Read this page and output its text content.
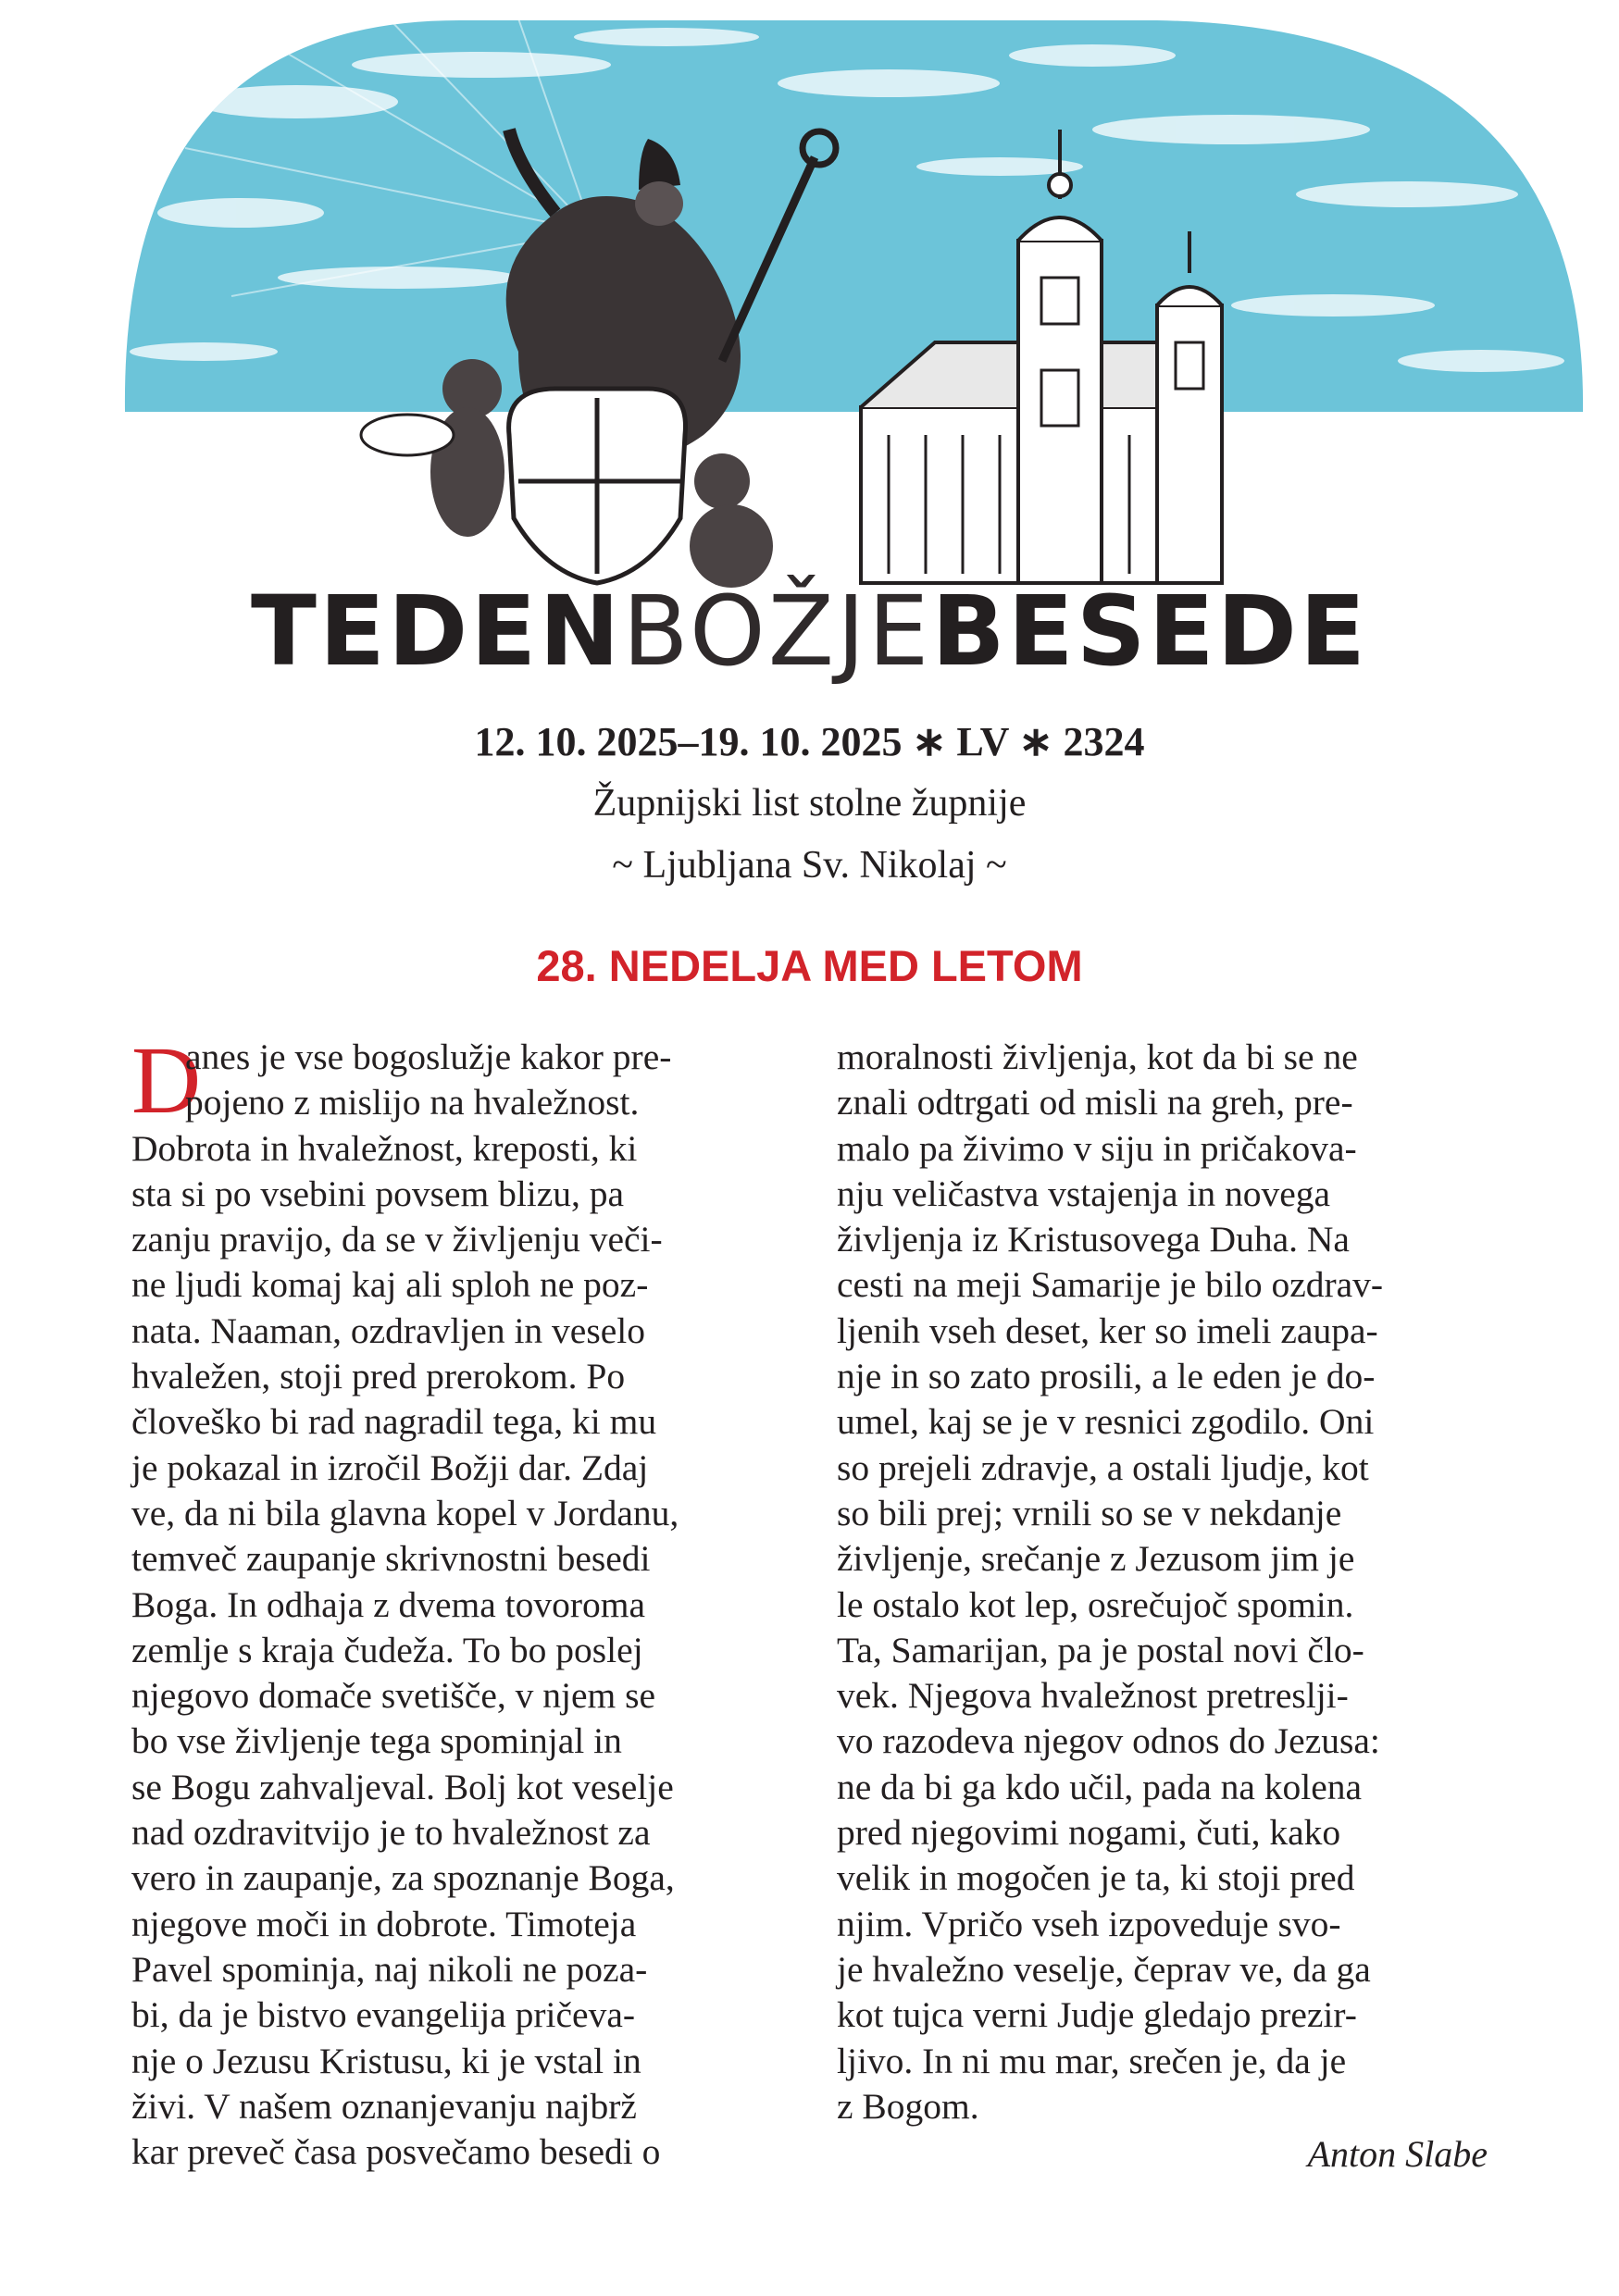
TEDENBOŽJEBESEDE
12. 10. 2025–19. 10. 2025 ∗ LV ∗ 2324
Župnijski list stolne župnije
~ Ljubljana Sv. Nikolaj ~
28. NEDELJA MED LETOM
D
anes je vse bogoslužje kakor pre-
pojeno z mislijo na hvaležnost.
Dobrota in hvaležnost, kreposti, ki
sta si po vsebini povsem blizu, pa
zanju pravijo, da se v življenju veči-
ne ljudi komaj kaj ali sploh ne poz-
nata. Naaman, ozdravljen in veselo
hvaležen, stoji pred prerokom. Po
človeško bi rad nagradil tega, ki mu
je pokazal in izročil Božji dar. Zdaj
ve, da ni bila glavna kopel v Jordanu,
temveč zaupanje skrivnostni besedi
Boga. In odhaja z dvema tovoroma
zemlje s kraja čudeža. To bo poslej
njegovo domače svetišče, v njem se
bo vse življenje tega spominjal in
se Bogu zahvaljeval. Bolj kot veselje
nad ozdravitvijo je to hvaležnost za
vero in zaupanje, za spoznanje Boga,
njegove moči in dobrote. Timoteja
Pavel spominja, naj nikoli ne poza-
bi, da je bistvo evangelija pričeva-
nje o Jezusu Kristusu, ki je vstal in
živi. V našem oznanjevanju najbrž
kar preveč časa posvečamo besedi o
moralnosti življenja, kot da bi se ne
znali odtrgati od misli na greh, pre-
malo pa živimo v siju in pričakova-
nju veličastva vstajenja in novega
življenja iz Kristusovega Duha. Na
cesti na meji Samarije je bilo ozdrav-
ljenih vseh deset, ker so imeli zaupa-
nje in so zato prosili, a le eden je do-
umel, kaj se je v resnici zgodilo. Oni
so prejeli zdravje, a ostali ljudje, kot
so bili prej; vrnili so se v nekdanje
življenje, srečanje z Jezusom jim je
le ostalo kot lep, osrečujoč spomin.
Ta, Samarijan, pa je postal novi člo-
vek. Njegova hvaležnost pretreslji-
vo razodeva njegov odnos do Jezusa:
ne da bi ga kdo učil, pada na kolena
pred njegovimi nogami, čuti, kako
velik in mogočen je ta, ki stoji pred
njim. Vpričo vseh izpoveduje svo-
je hvaležno veselje, čeprav ve, da ga
kot tujca verni Judje gledajo prezir-
ljivo. In ni mu mar, srečen je, da je
z Bogom.
Anton Slabe
